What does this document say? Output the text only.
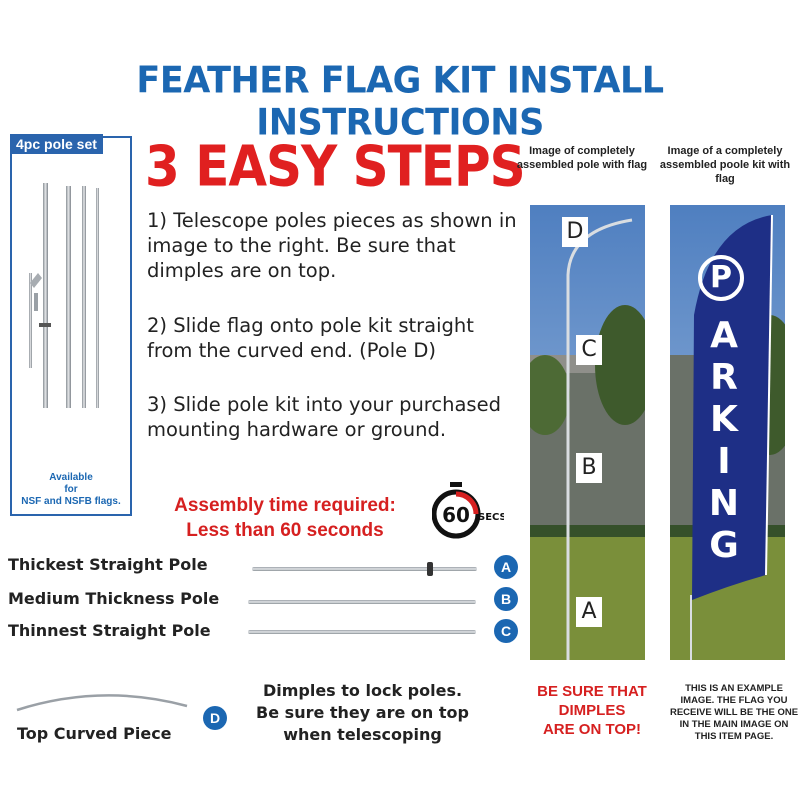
FEATHER FLAG KIT INSTALL INSTRUCTIONS
4pc pole set
Available
for
NSF and NSFB flags.
3 EASY STEPS
1) Telescope poles pieces as shown in image to the right. Be sure that dimples are on top.
2) Slide flag onto pole kit straight from the curved end. (Pole D)
3) Slide pole kit into your purchased mounting hardware or ground.
Assembly time required:
Less than 60 seconds
60 SECS
Thickest Straight Pole	A
Medium Thickness Pole	B
Thinnest Straight Pole	C
D
Top Curved Piece
Dimples to lock poles.
Be sure they are on top
when telescoping
Image of completely assembled pole with flag
Image of a completely assembled poole kit with flag
D
C
B
A
P
A
R
K
I
N
G
BE SURE THAT
DIMPLES
ARE ON TOP!
THIS IS AN EXAMPLE IMAGE. THE FLAG YOU RECEIVE WILL BE THE ONE IN THE MAIN IMAGE ON THIS ITEM PAGE.
